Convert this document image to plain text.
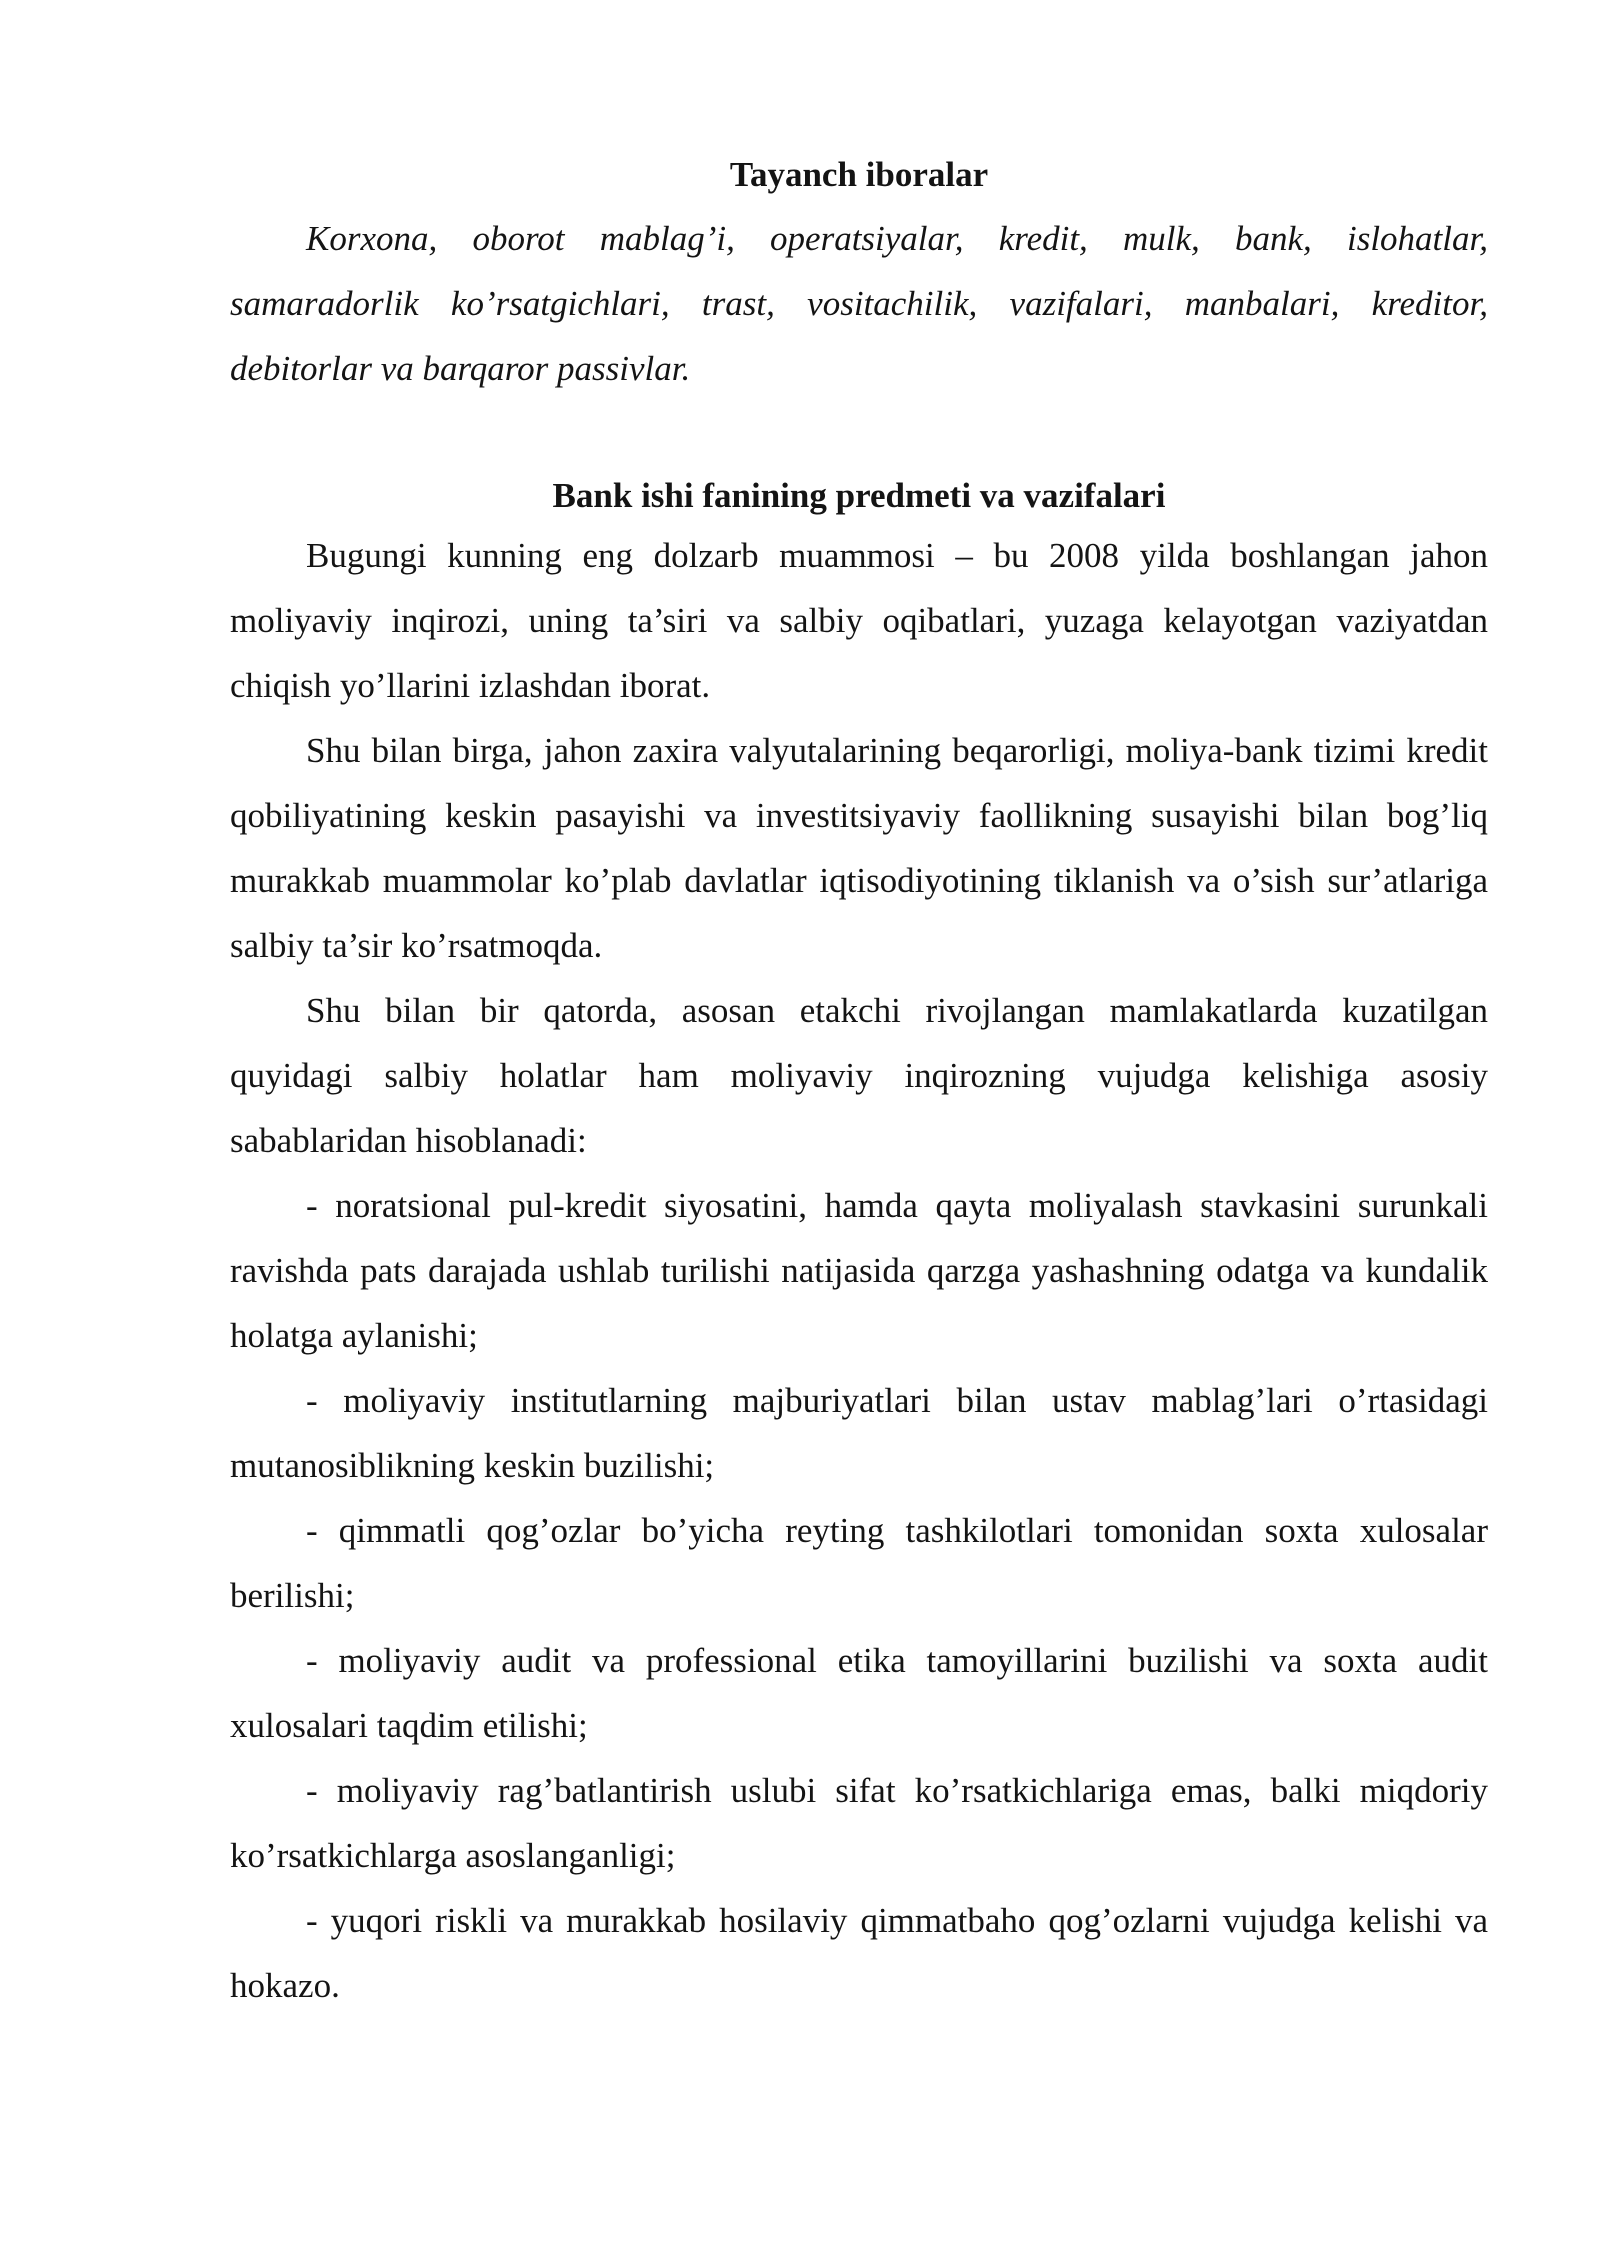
Tayanch iboralar

Korxona, oborot mablag’i, operatsiyalar, kredit, mulk, bank, islohatlar, samaradorlik ko’rsatgichlari, trast, vositachilik, vazifalari, manbalari, kreditor, debitorlar va barqaror passivlar.

Bank ishi fanining predmeti va vazifalari

Bugungi kunning eng dolzarb muammosi – bu 2008 yilda boshlangan jahon moliyaviy inqirozi, uning ta’siri va salbiy oqibatlari, yuzaga kelayotgan vaziyatdan chiqish yo’llarini izlashdan iborat.

Shu bilan birga, jahon zaxira valyutalarining beqarorligi, moliya-bank tizimi kredit qobiliyatining keskin pasayishi va investitsiyaviy faollikning susayishi bilan bog’liq murakkab muammolar ko’plab davlatlar iqtisodiyotining tiklanish va o’sish sur’atlariga salbiy ta’sir ko’rsatmoqda.

Shu bilan bir qatorda, asosan etakchi rivojlangan mamlakatlarda kuzatilgan quyidagi salbiy holatlar ham moliyaviy inqirozning vujudga kelishiga asosiy sabablaridan hisoblanadi:

- noratsional pul-kredit siyosatini, hamda qayta moliyalash stavkasini surunkali ravishda pats darajada ushlab turilishi natijasida qarzga yashashning odatga va kundalik holatga aylanishi;

- moliyaviy institutlarning majburiyatlari bilan ustav mablag’lari o’rtasidagi mutanosiblikning keskin buzilishi;

- qimmatli qog’ozlar bo’yicha reyting tashkilotlari tomonidan soxta xulosalar berilishi;

- moliyaviy audit va professional etika tamoyillarini buzilishi va soxta audit xulosalari taqdim etilishi;

- moliyaviy rag’batlantirish uslubi sifat ko’rsatkichlariga emas, balki miqdoriy ko’rsatkichlarga asoslanganligi;

- yuqori riskli va murakkab hosilaviy qimmatbaho qog’ozlarni vujudga kelishi va hokazo.
